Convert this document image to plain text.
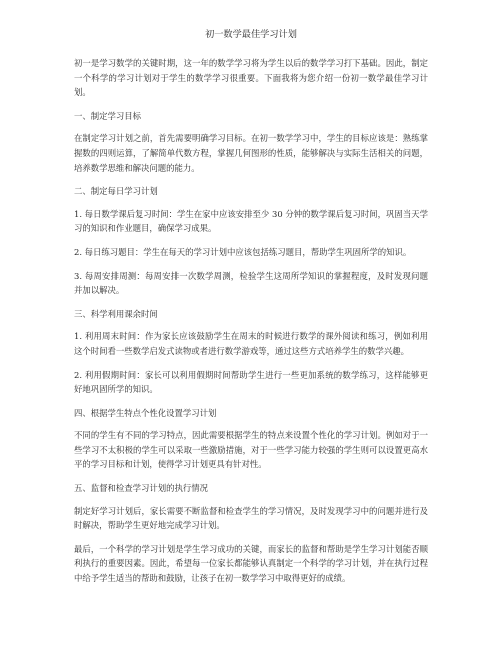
初一数学最佳学习计划

初一是学习数学的关键时期，这一年的数学学习将为学生以后的数学学习打下基础。因此，制定一个科学的学习计划对于学生的数学学习很重要。下面我将为您介绍一份初一数学最佳学习计划。

一、制定学习目标

在制定学习计划之前，首先需要明确学习目标。在初一数学学习中，学生的目标应该是：熟练掌握数的四则运算，了解简单代数方程，掌握几何图形的性质，能够解决与实际生活相关的问题，培养数学思维和解决问题的能力。

二、制定每日学习计划

1. 每日数学课后复习时间：学生在家中应该安排至少 30 分钟的数学课后复习时间，巩固当天学习的知识和作业题目，确保学习成果。

2. 每日练习题目：学生在每天的学习计划中应该包括练习题目，帮助学生巩固所学的知识。

3. 每周安排周测：每周安排一次数学周测，检验学生这周所学知识的掌握程度，及时发现问题并加以解决。

三、科学利用课余时间

1. 利用周末时间：作为家长应该鼓励学生在周末的时候进行数学的课外阅读和练习，例如利用这个时间看一些数学启发式读物或者进行数学游戏等，通过这些方式培养学生的数学兴趣。

2. 利用假期时间：家长可以利用假期时间帮助学生进行一些更加系统的数学练习，这样能够更好地巩固所学的知识。

四、根据学生特点个性化设置学习计划

不同的学生有不同的学习特点，因此需要根据学生的特点来设置个性化的学习计划。例如对于一些学习不太积极的学生可以采取一些激励措施，对于一些学习能力较强的学生则可以设置更高水平的学习目标和计划，使得学习计划更具有针对性。

五、监督和检查学习计划的执行情况

制定好学习计划后，家长需要不断监督和检查学生的学习情况，及时发现学习中的问题并进行及时解决，帮助学生更好地完成学习计划。

最后，一个科学的学习计划是学生学习成功的关键，而家长的监督和帮助是学生学习计划能否顺利执行的重要因素。因此，希望每一位家长都能够认真制定一个科学的学习计划，并在执行过程中给予学生适当的帮助和鼓励，让孩子在初一数学学习中取得更好的成绩。
